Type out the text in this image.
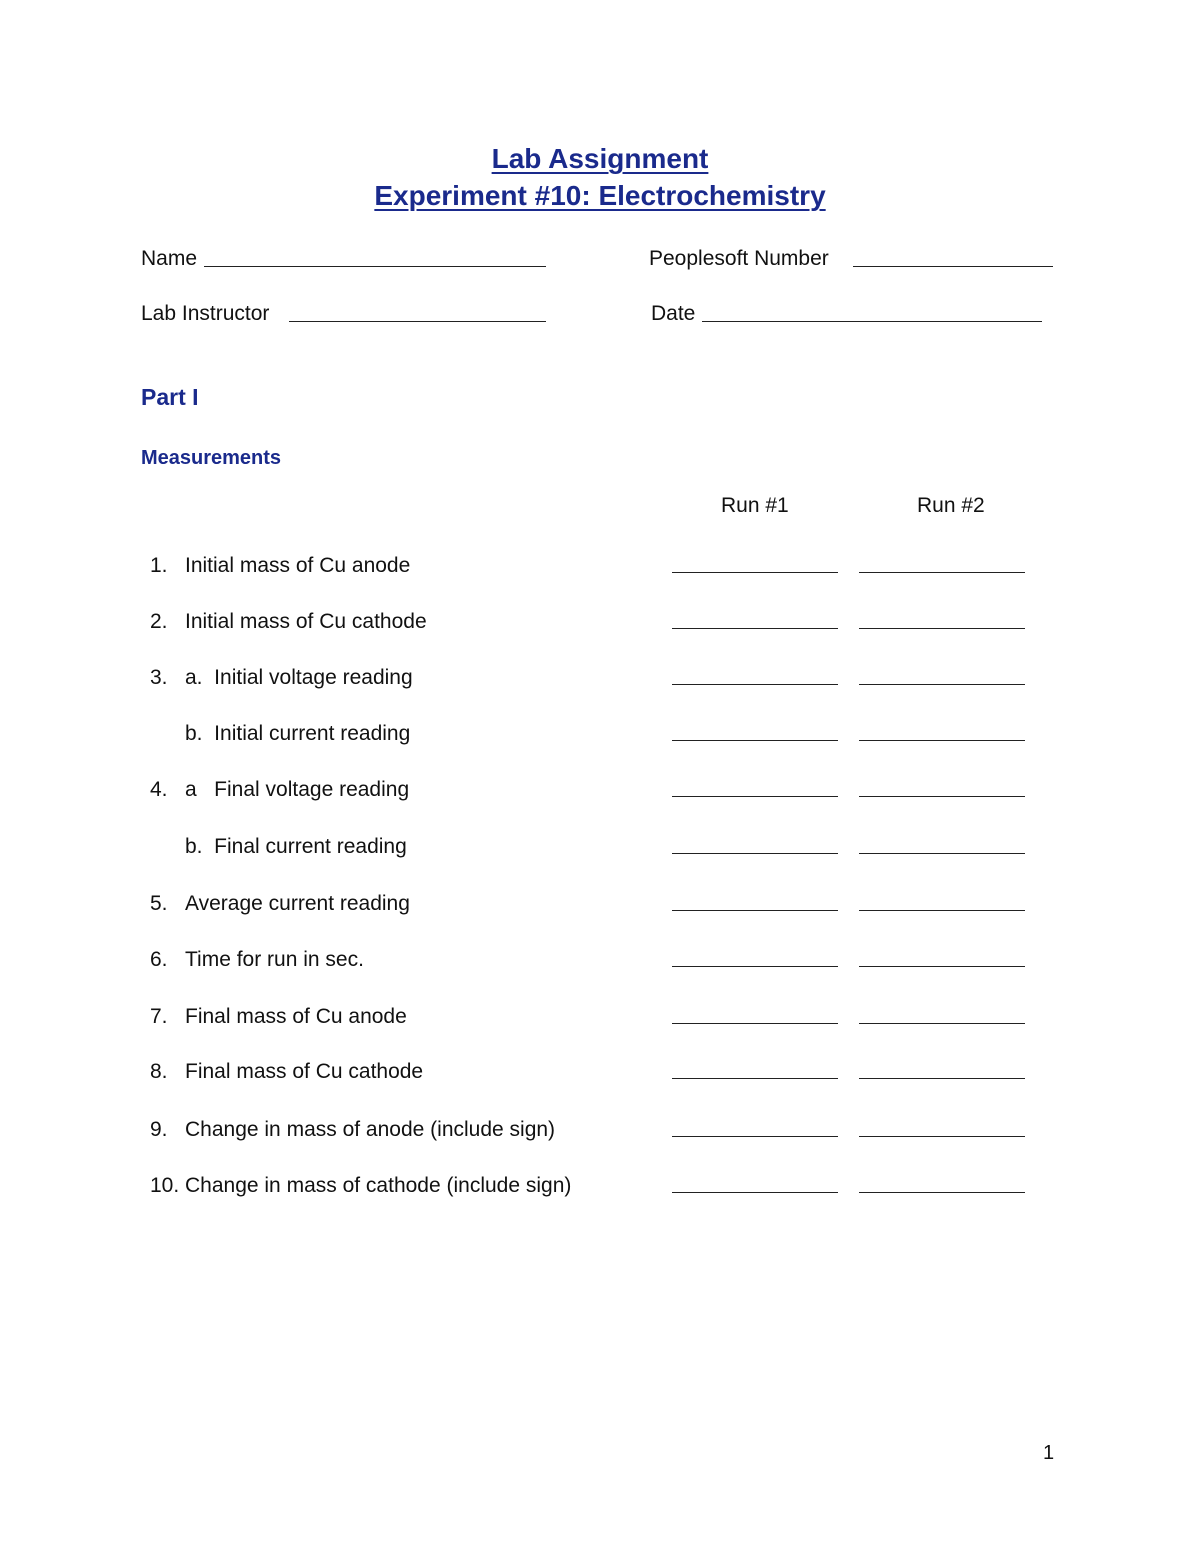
Lab Assignment
Experiment #10: Electrochemistry
Name	Peoplesoft Number
Lab Instructor	Date
Part I
Measurements
Run #1	Run #2
1. Initial mass of Cu anode
2. Initial mass of Cu cathode
3. a.  Initial voltage reading
b.  Initial current reading
4. a   Final voltage reading
b.  Final current reading
5. Average current reading
6. Time for run in sec.
7. Final mass of Cu anode
8. Final mass of Cu cathode
9. Change in mass of anode (include sign)
10. Change in mass of cathode (include sign)
1
